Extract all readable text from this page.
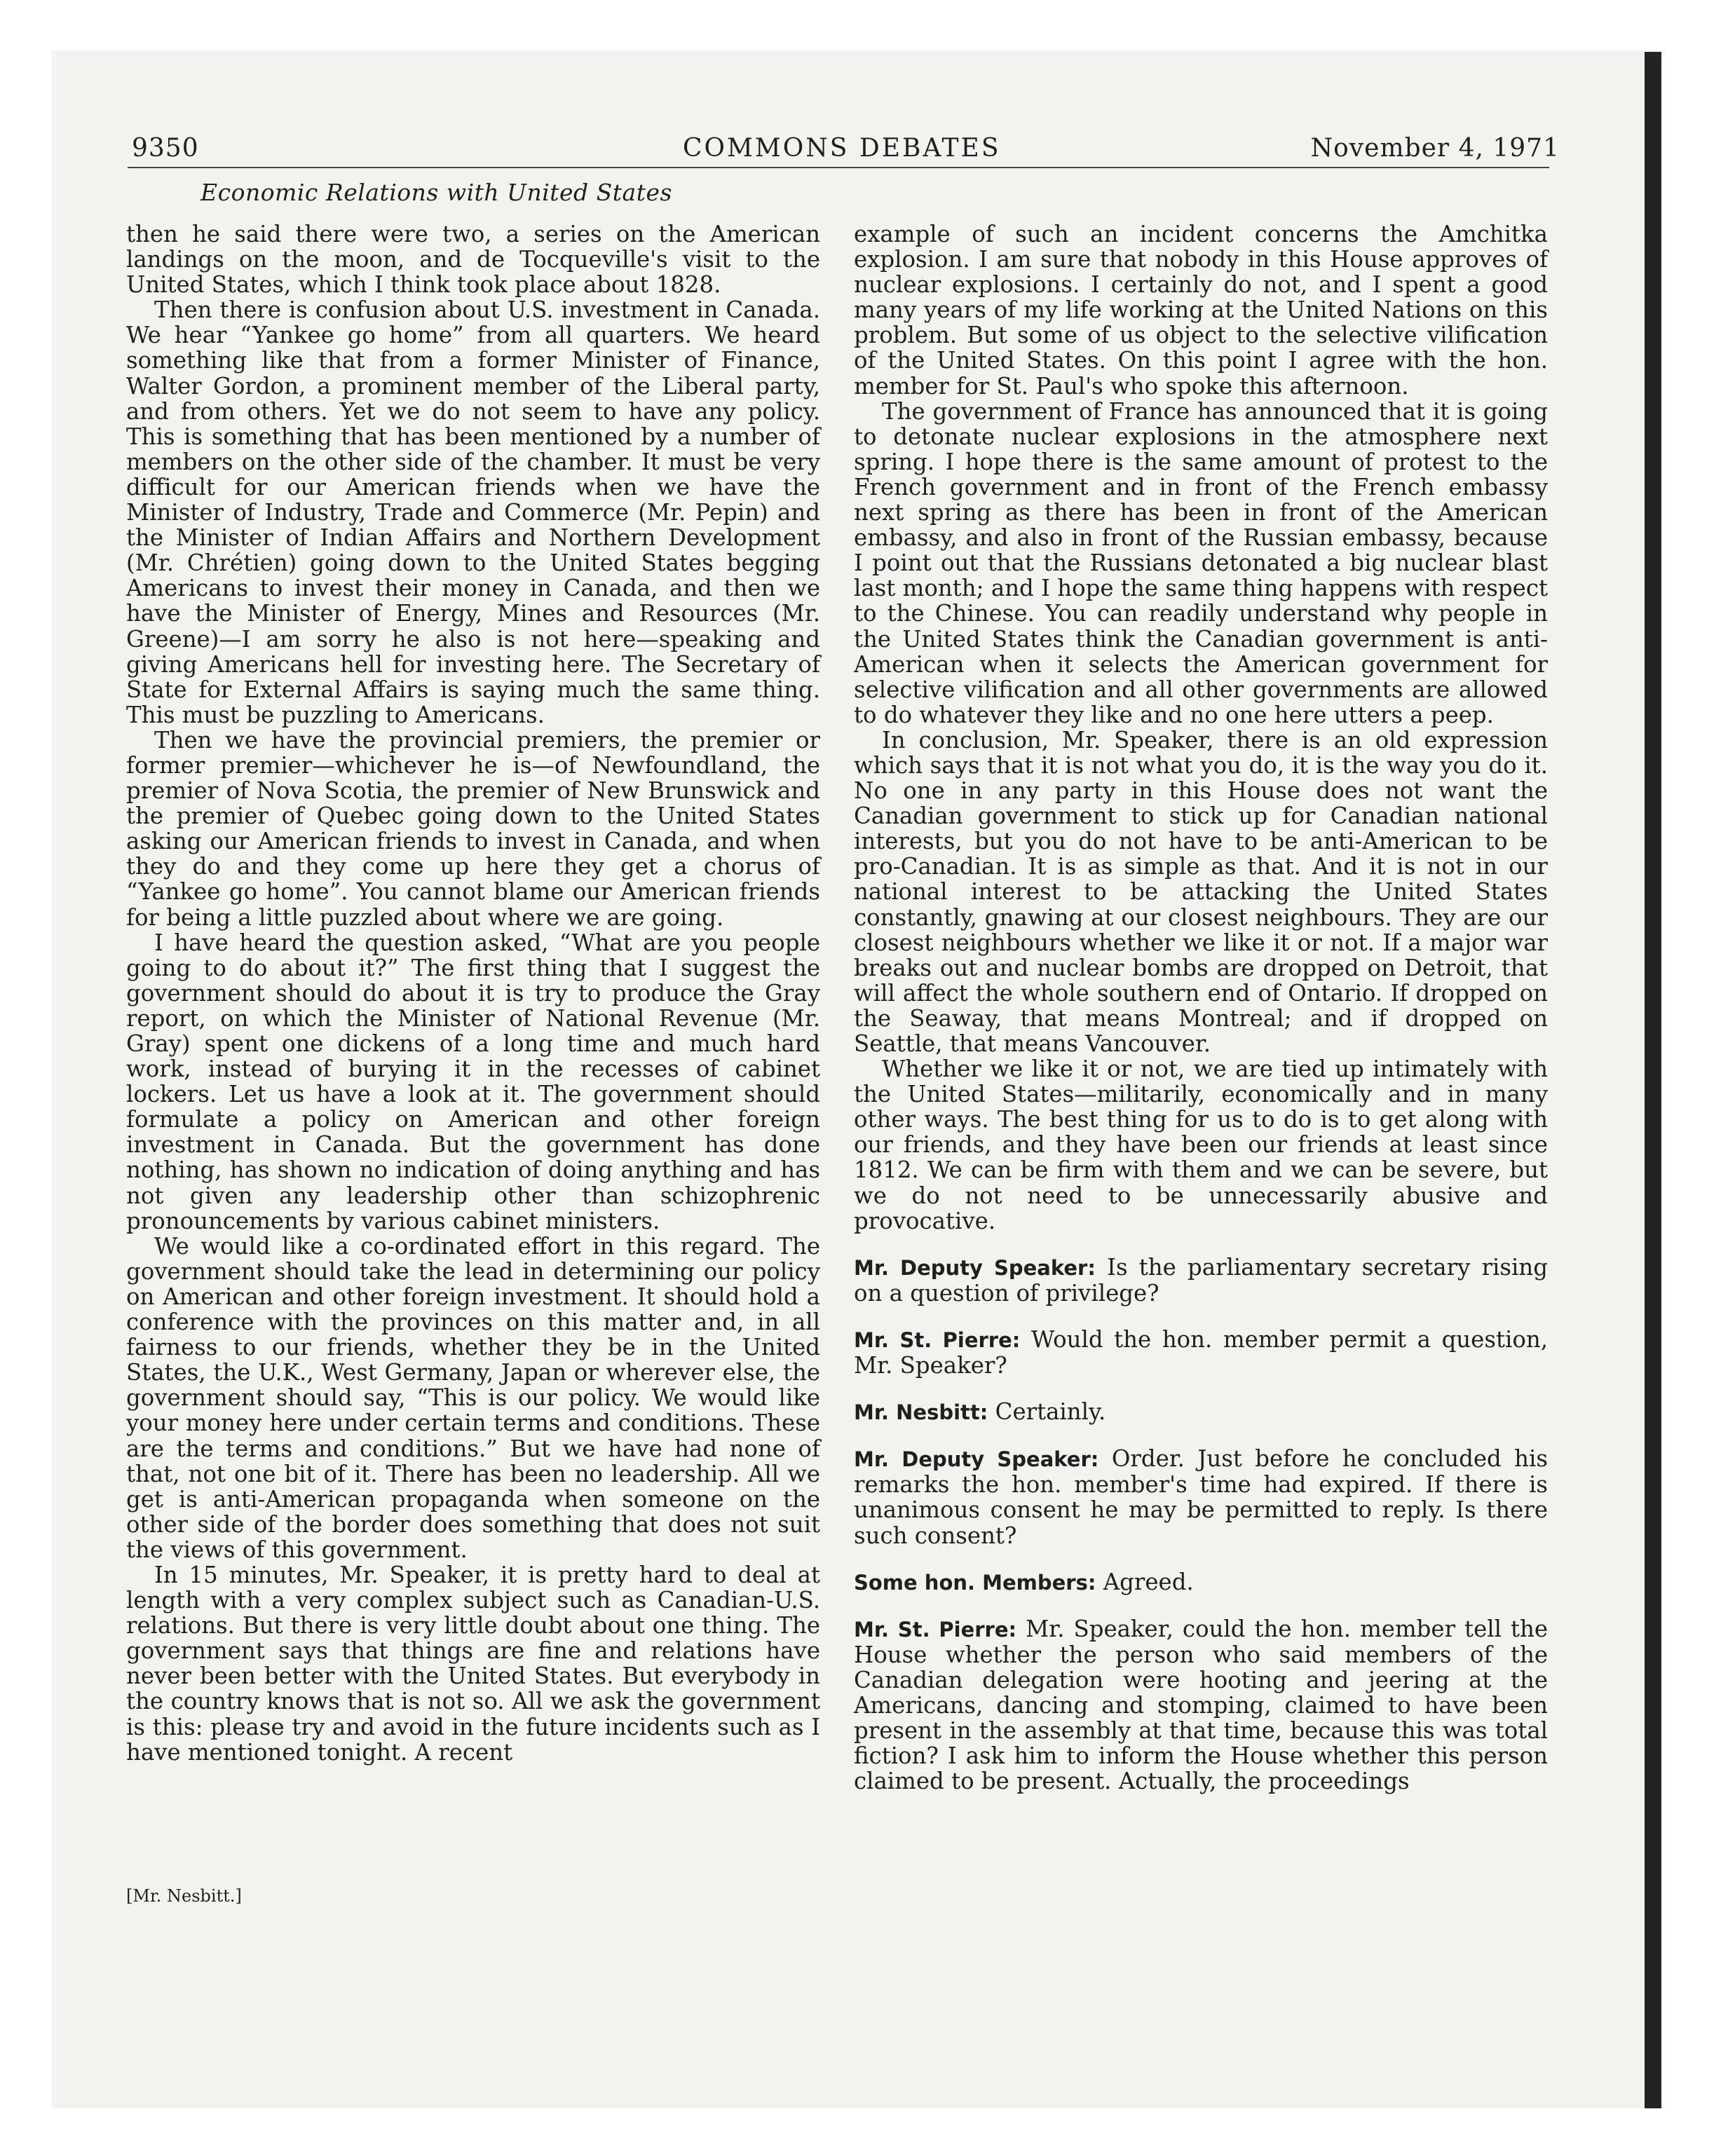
9350	COMMONS DEBATES	November 4, 1971
Economic Relations with United States

then he said there were two, a series on the American landings on the moon, and de Tocqueville's visit to the United States, which I think took place about 1828.

Then there is confusion about U.S. investment in Canada. We hear “Yankee go home” from all quarters. We heard something like that from a former Minister of Finance, Walter Gordon, a prominent member of the Liberal party, and from others. Yet we do not seem to have any policy. This is something that has been mentioned by a number of members on the other side of the chamber. It must be very difficult for our American friends when we have the Minister of Industry, Trade and Commerce (Mr. Pepin) and the Minister of Indian Affairs and Northern Development (Mr. Chrétien) going down to the United States begging Americans to invest their money in Canada, and then we have the Minister of Energy, Mines and Resources (Mr. Greene)—I am sorry he also is not here—speaking and giving Americans hell for investing here. The Secretary of State for External Affairs is saying much the same thing. This must be puzzling to Americans.

Then we have the provincial premiers, the premier or former premier—whichever he is—of Newfoundland, the premier of Nova Scotia, the premier of New Brunswick and the premier of Quebec going down to the United States asking our American friends to invest in Canada, and when they do and they come up here they get a chorus of “Yankee go home”. You cannot blame our American friends for being a little puzzled about where we are going.

I have heard the question asked, “What are you people going to do about it?” The first thing that I suggest the government should do about it is try to produce the Gray report, on which the Minister of National Revenue (Mr. Gray) spent one dickens of a long time and much hard work, instead of burying it in the recesses of cabinet lockers. Let us have a look at it. The government should formulate a policy on American and other foreign investment in Canada. But the government has done nothing, has shown no indication of doing anything and has not given any leadership other than schizophrenic pronouncements by various cabinet ministers.

We would like a co-ordinated effort in this regard. The government should take the lead in determining our policy on American and other foreign investment. It should hold a conference with the provinces on this matter and, in all fairness to our friends, whether they be in the United States, the U.K., West Germany, Japan or wherever else, the government should say, “This is our policy. We would like your money here under certain terms and conditions. These are the terms and conditions.” But we have had none of that, not one bit of it. There has been no leadership. All we get is anti-American propaganda when someone on the other side of the border does something that does not suit the views of this government.

In 15 minutes, Mr. Speaker, it is pretty hard to deal at length with a very complex subject such as Canadian-U.S. relations. But there is very little doubt about one thing. The government says that things are fine and relations have never been better with the United States. But everybody in the country knows that is not so. All we ask the government is this: please try and avoid in the future incidents such as I have mentioned tonight. A recent

[Mr. Nesbitt.]

example of such an incident concerns the Amchitka explosion. I am sure that nobody in this House approves of nuclear explosions. I certainly do not, and I spent a good many years of my life working at the United Nations on this problem. But some of us object to the selective vilification of the United States. On this point I agree with the hon. member for St. Paul's who spoke this afternoon.

The government of France has announced that it is going to detonate nuclear explosions in the atmosphere next spring. I hope there is the same amount of protest to the French government and in front of the French embassy next spring as there has been in front of the American embassy, and also in front of the Russian embassy, because I point out that the Russians detonated a big nuclear blast last month; and I hope the same thing happens with respect to the Chinese. You can readily understand why people in the United States think the Canadian government is anti-American when it selects the American government for selective vilification and all other governments are allowed to do whatever they like and no one here utters a peep.

In conclusion, Mr. Speaker, there is an old expression which says that it is not what you do, it is the way you do it. No one in any party in this House does not want the Canadian government to stick up for Canadian national interests, but you do not have to be anti-American to be pro-Canadian. It is as simple as that. And it is not in our national interest to be attacking the United States constantly, gnawing at our closest neighbours. They are our closest neighbours whether we like it or not. If a major war breaks out and nuclear bombs are dropped on Detroit, that will affect the whole southern end of Ontario. If dropped on the Seaway, that means Montreal; and if dropped on Seattle, that means Vancouver.

Whether we like it or not, we are tied up intimately with the United States—militarily, economically and in many other ways. The best thing for us to do is to get along with our friends, and they have been our friends at least since 1812. We can be firm with them and we can be severe, but we do not need to be unnecessarily abusive and provocative.

Mr. Deputy Speaker: Is the parliamentary secretary rising on a question of privilege?

Mr. St. Pierre: Would the hon. member permit a question, Mr. Speaker?

Mr. Nesbitt: Certainly.

Mr. Deputy Speaker: Order. Just before he concluded his remarks the hon. member's time had expired. If there is unanimous consent he may be permitted to reply. Is there such consent?

Some hon. Members: Agreed.

Mr. St. Pierre: Mr. Speaker, could the hon. member tell the House whether the person who said members of the Canadian delegation were hooting and jeering at the Americans, dancing and stomping, claimed to have been present in the assembly at that time, because this was total fiction? I ask him to inform the House whether this person claimed to be present. Actually, the proceedings
